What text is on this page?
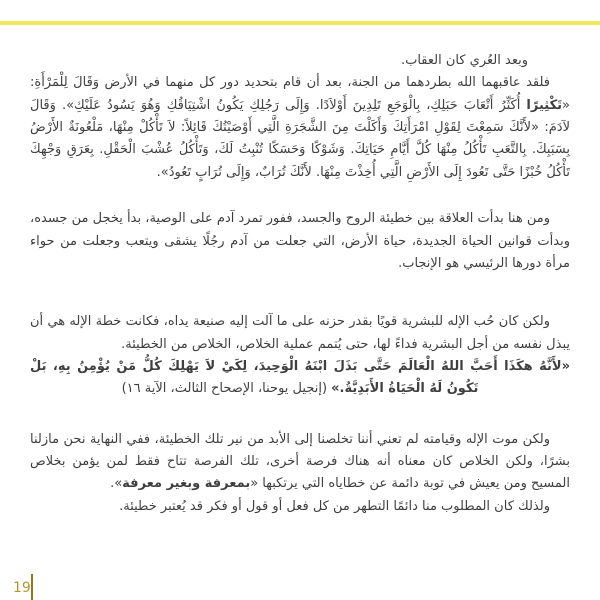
وبعد العُري كان العقاب.

فلقد عاقبهما الله بطردهما من الجنة، بعد أن قام بتحديد دور كل منهما في الأرض وَقَالَ لِلْمَرْأَةِ: «تَكْثِيرًا أُكَثِّرُ أَتْعَابَ حَبَلِكِ، بِالْوَجَعِ تَلِدِينَ أَوْلاَدًا. وَإِلَى رَجُلِكِ يَكُونُ اشْتِيَاقُكِ وَهُوَ يَسُودُ عَلَيْكِ». وَقَالَ لآدَمَ: «لأَنَّكَ سَمِعْتَ لِقَوْلِ امْرَأَتِكَ وَأَكَلْتَ مِنَ الشَّجَرَةِ الَّتِي أَوْصَيْتُكَ قَائِلاً: لاَ تَأْكُلْ مِنْهَا، مَلْعُونَةٌ الأَرْضُ بِسَبَبِكَ. بِالتَّعَبِ تَأْكُلُ مِنْهَا كُلَّ أَيَّامِ حَيَاتِكَ. وَشَوْكًا وَحَسَكًا تُنْبِتُ لَكَ، وَتَأْكُلُ عُشْبَ الْحَقْلِ. بِعَرَقِ وَجْهِكَ تَأْكُلُ خُبْزًا حَتَّى تَعُودَ إِلَى الأَرْضِ الَّتِي أُخِذْتَ مِنْهَا. لأَنَّكَ تُرَابٌ، وَإِلَى تُرَابٍ تَعُودُ».

ومن هنا بدأت العلاقة بين خطيئة الروح والجسد، ففور تمرد آدم على الوصية، بدأ يخجل من جسده، وبدأت قوانين الحياة الجديدة، حياة الأرض، التي جعلت من آدم رجُلًا يشقى ويتعب وجعلت من حواء مرأة دورها الرئيسي هو الإنجاب.

ولكن كان حُب الإله للبشرية قويًا بقدر حزنه على ما آلت إليه صنيعة يداه، فكانت خطة الإله هي أن يبذل نفسه من أجل البشرية فداءً لها، حتى يُتمم عملية الخلاص، الخلاص من الخطيئة.

«لأَنَّهُ هكَذَا أَحَبَّ اللهُ الْعَالَمَ حَتَّى بَذَلَ ابْنَهُ الْوَحِيدَ، لِكَيْ لاَ يَهْلِكَ كُلُّ مَنْ يُؤْمِنُ بِهِ، بَلْ تَكُونُ لَهُ الْحَيَاةُ الأَبَدِيَّةُ.» (إنجيل يوحنا، الإصحاح الثالث، الآية ١٦)

ولكن موت الإله وقيامته لم تعني أننا تخلصنا إلى الأبد من نير تلك الخطيئة، ففي النهاية نحن مازلنا بشرًا، ولكن الخلاص كان معناه أنه هناك فرصة أخرى، تلك الفرصة تتاح فقط لمن يؤمن بخلاص المسيح ومن يعيش في توبة دائمة عن خطاياه التي يرتكبها «بمعرفة وبغير معرفة».

ولذلك كان المطلوب منا دائمًا التطهر من كل فعل أو قول أو فكر قد يُعتبر خطيئة.

19
